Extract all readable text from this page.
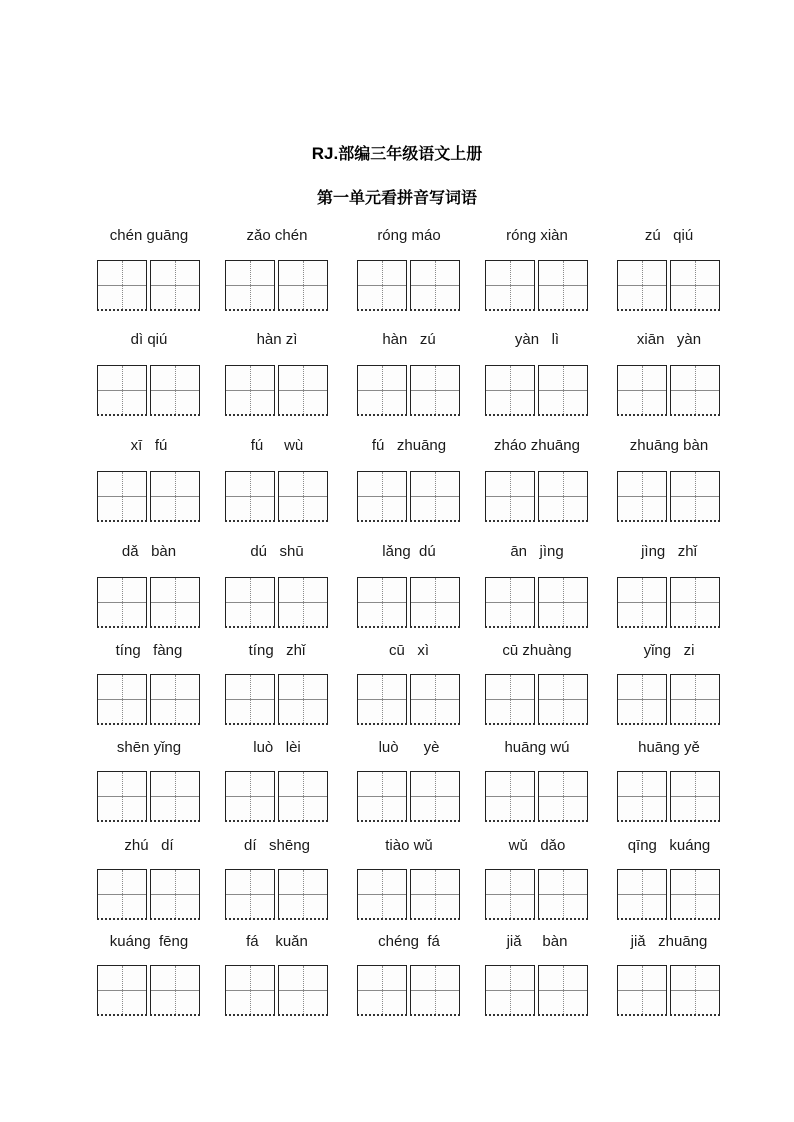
RJ.部编三年级语文上册
第一单元看拼音写词语
chén guāng	zǎo chén	róng máo	róng xiàn	zú   qiú
dì qiú	hàn zì	hàn   zú	yàn   lì	xiān   yàn
xī   fú	fú     wù	fú   zhuāng	zháo zhuāng	zhuāng bàn
dǎ   bàn	dú   shū	lǎng  dú	ān   jìng	jìng   zhǐ
tíng   fàng	tíng   zhǐ	cū   xì	cū zhuàng	yǐng   zi
shēn yǐng	luò   lèi	luò      yè	huāng wú	huāng yě
zhú   dí	dí   shēng	tiào wǔ	wǔ   dǎo	qīng   kuáng
kuáng  fēng	fá    kuǎn	chéng  fá	jiǎ     bàn	jiǎ   zhuāng
